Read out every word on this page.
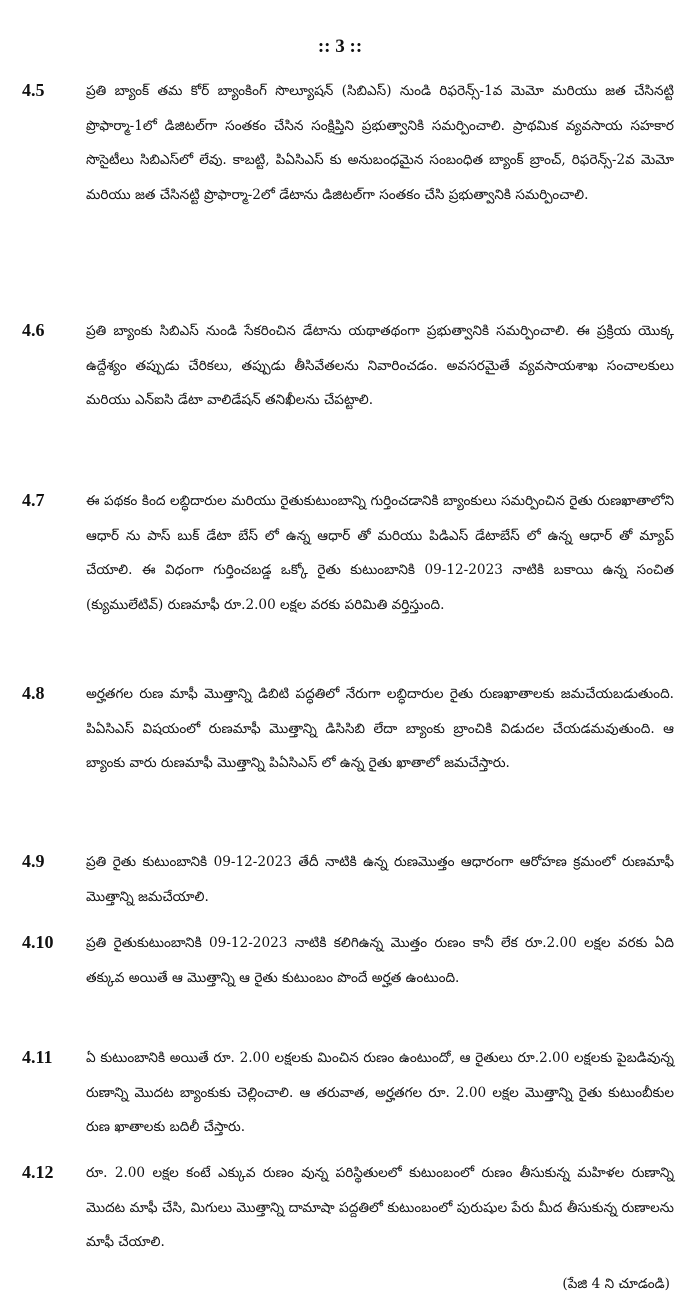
:: 3 ::
4.5	ప్రతి బ్యాంక్ తమ కోర్ బ్యాంకింగ్ సొల్యూషన్ (సిబిఎస్) నుండి రిఫరెన్స్-1వ మెమో మరియు జత చేసినట్టి ప్రొఫార్మా-1లో డిజిటల్‌గా సంతకం చేసిన సంక్షిప్తిని ప్రభుత్వానికి సమర్పించాలి. ప్రాథమిక వ్యవసాయ సహకార సొసైటీలు సిబిఎస్‌లో లేవు. కాబట్టి, పిఏసిఎస్ కు అనుబంధమైన సంబంధిత బ్యాంక్ బ్రాంచ్, రిఫరెన్స్-2వ మెమో మరియు జత చేసినట్టి ప్రొఫార్మా-2లో డేటాను డిజిటల్‌గా సంతకం చేసి ప్రభుత్వానికి సమర్పించాలి.
4.6	ప్రతి బ్యాంకు సిబిఎస్ నుండి సేకరించిన డేటాను యథాతథంగా ప్రభుత్వానికి సమర్పించాలి. ఈ ప్రక్రియ యొక్క ఉద్దేశ్యం తప్పుడు చేరికలు, తప్పుడు తీసివేతలను నివారించడం. అవసరమైతే వ్యవసాయశాఖ సంచాలకులు మరియు ఎన్ఐసి డేటా వాలిడేషన్ తనిఖీలను చేపట్టాలి.
4.7	ఈ పథకం కింద లబ్ధిదారుల మరియు రైతుకుటుంబాన్ని గుర్తించడానికి బ్యాంకులు సమర్పించిన రైతు రుణఖాతాలోని ఆధార్ ను పాస్ బుక్ డేటా బేస్ లో ఉన్న ఆధార్ తో మరియు పిడిఎస్ డేటాబేస్ లో ఉన్న ఆధార్ తో మ్యాప్ చేయాలి. ఈ విధంగా గుర్తించబడ్డ ఒక్కో రైతు కుటుంబానికి 09-12-2023 నాటికి బకాయి ఉన్న సంచిత (క్యుములేటివ్) రుణమాఫీ రూ.2.00 లక్షల వరకు పరిమితి వర్తిస్తుంది.
4.8	అర్హతగల రుణ మాఫీ మొత్తాన్ని డిబిటి పద్ధతిలో నేరుగా లబ్ధిదారుల రైతు రుణఖాతాలకు జమచేయబడుతుంది. పిఏసిఎస్ విషయంలో రుణమాఫీ మొత్తాన్ని డిసిసిబి లేదా బ్యాంకు బ్రాంచికి విడుదల చేయడమవుతుంది. ఆ బ్యాంకు వారు రుణమాఫీ మొత్తాన్ని పిఏసిఎస్ లో ఉన్న రైతు ఖాతాలో జమచేస్తారు.
4.9	ప్రతి రైతు కుటుంబానికి 09-12-2023 తేదీ నాటికి ఉన్న రుణమొత్తం ఆధారంగా ఆరోహణ క్రమంలో రుణమాఫీ మొత్తాన్ని జమచేయాలి.
4.10 ప్రతి రైతుకుటుంబానికి 09-12-2023 నాటికి కలిగిఉన్న మొత్తం రుణం కానీ లేక రూ.2.00 లక్షల వరకు ఏది తక్కువ అయితే ఆ మొత్తాన్ని ఆ రైతు కుటుంబం పొందే అర్హత ఉంటుంది.
4.11 ఏ కుటుంబానికి అయితే రూ. 2.00 లక్షలకు మించిన రుణం ఉంటుందో, ఆ రైతులు రూ.2.00 లక్షలకు పైబడివున్న రుణాన్ని మొదట బ్యాంకుకు చెల్లించాలి. ఆ తరువాత, అర్హతగల రూ. 2.00 లక్షల మొత్తాన్ని రైతు కుటుంబీకుల రుణ ఖాతాలకు బదిలీ చేస్తారు.
4.12 రూ. 2.00 లక్షల కంటే ఎక్కువ రుణం వున్న పరిస్థితులలో కుటుంబంలో రుణం తీసుకున్న మహిళల రుణాన్ని మొదట మాఫీ చేసి, మిగులు మొత్తాన్ని దామాషా పద్దతిలో కుటుంబంలో పురుషుల పేరు మీద తీసుకున్న రుణాలను మాఫీ చేయాలి.
(పేజి 4 ని చూడండి)
